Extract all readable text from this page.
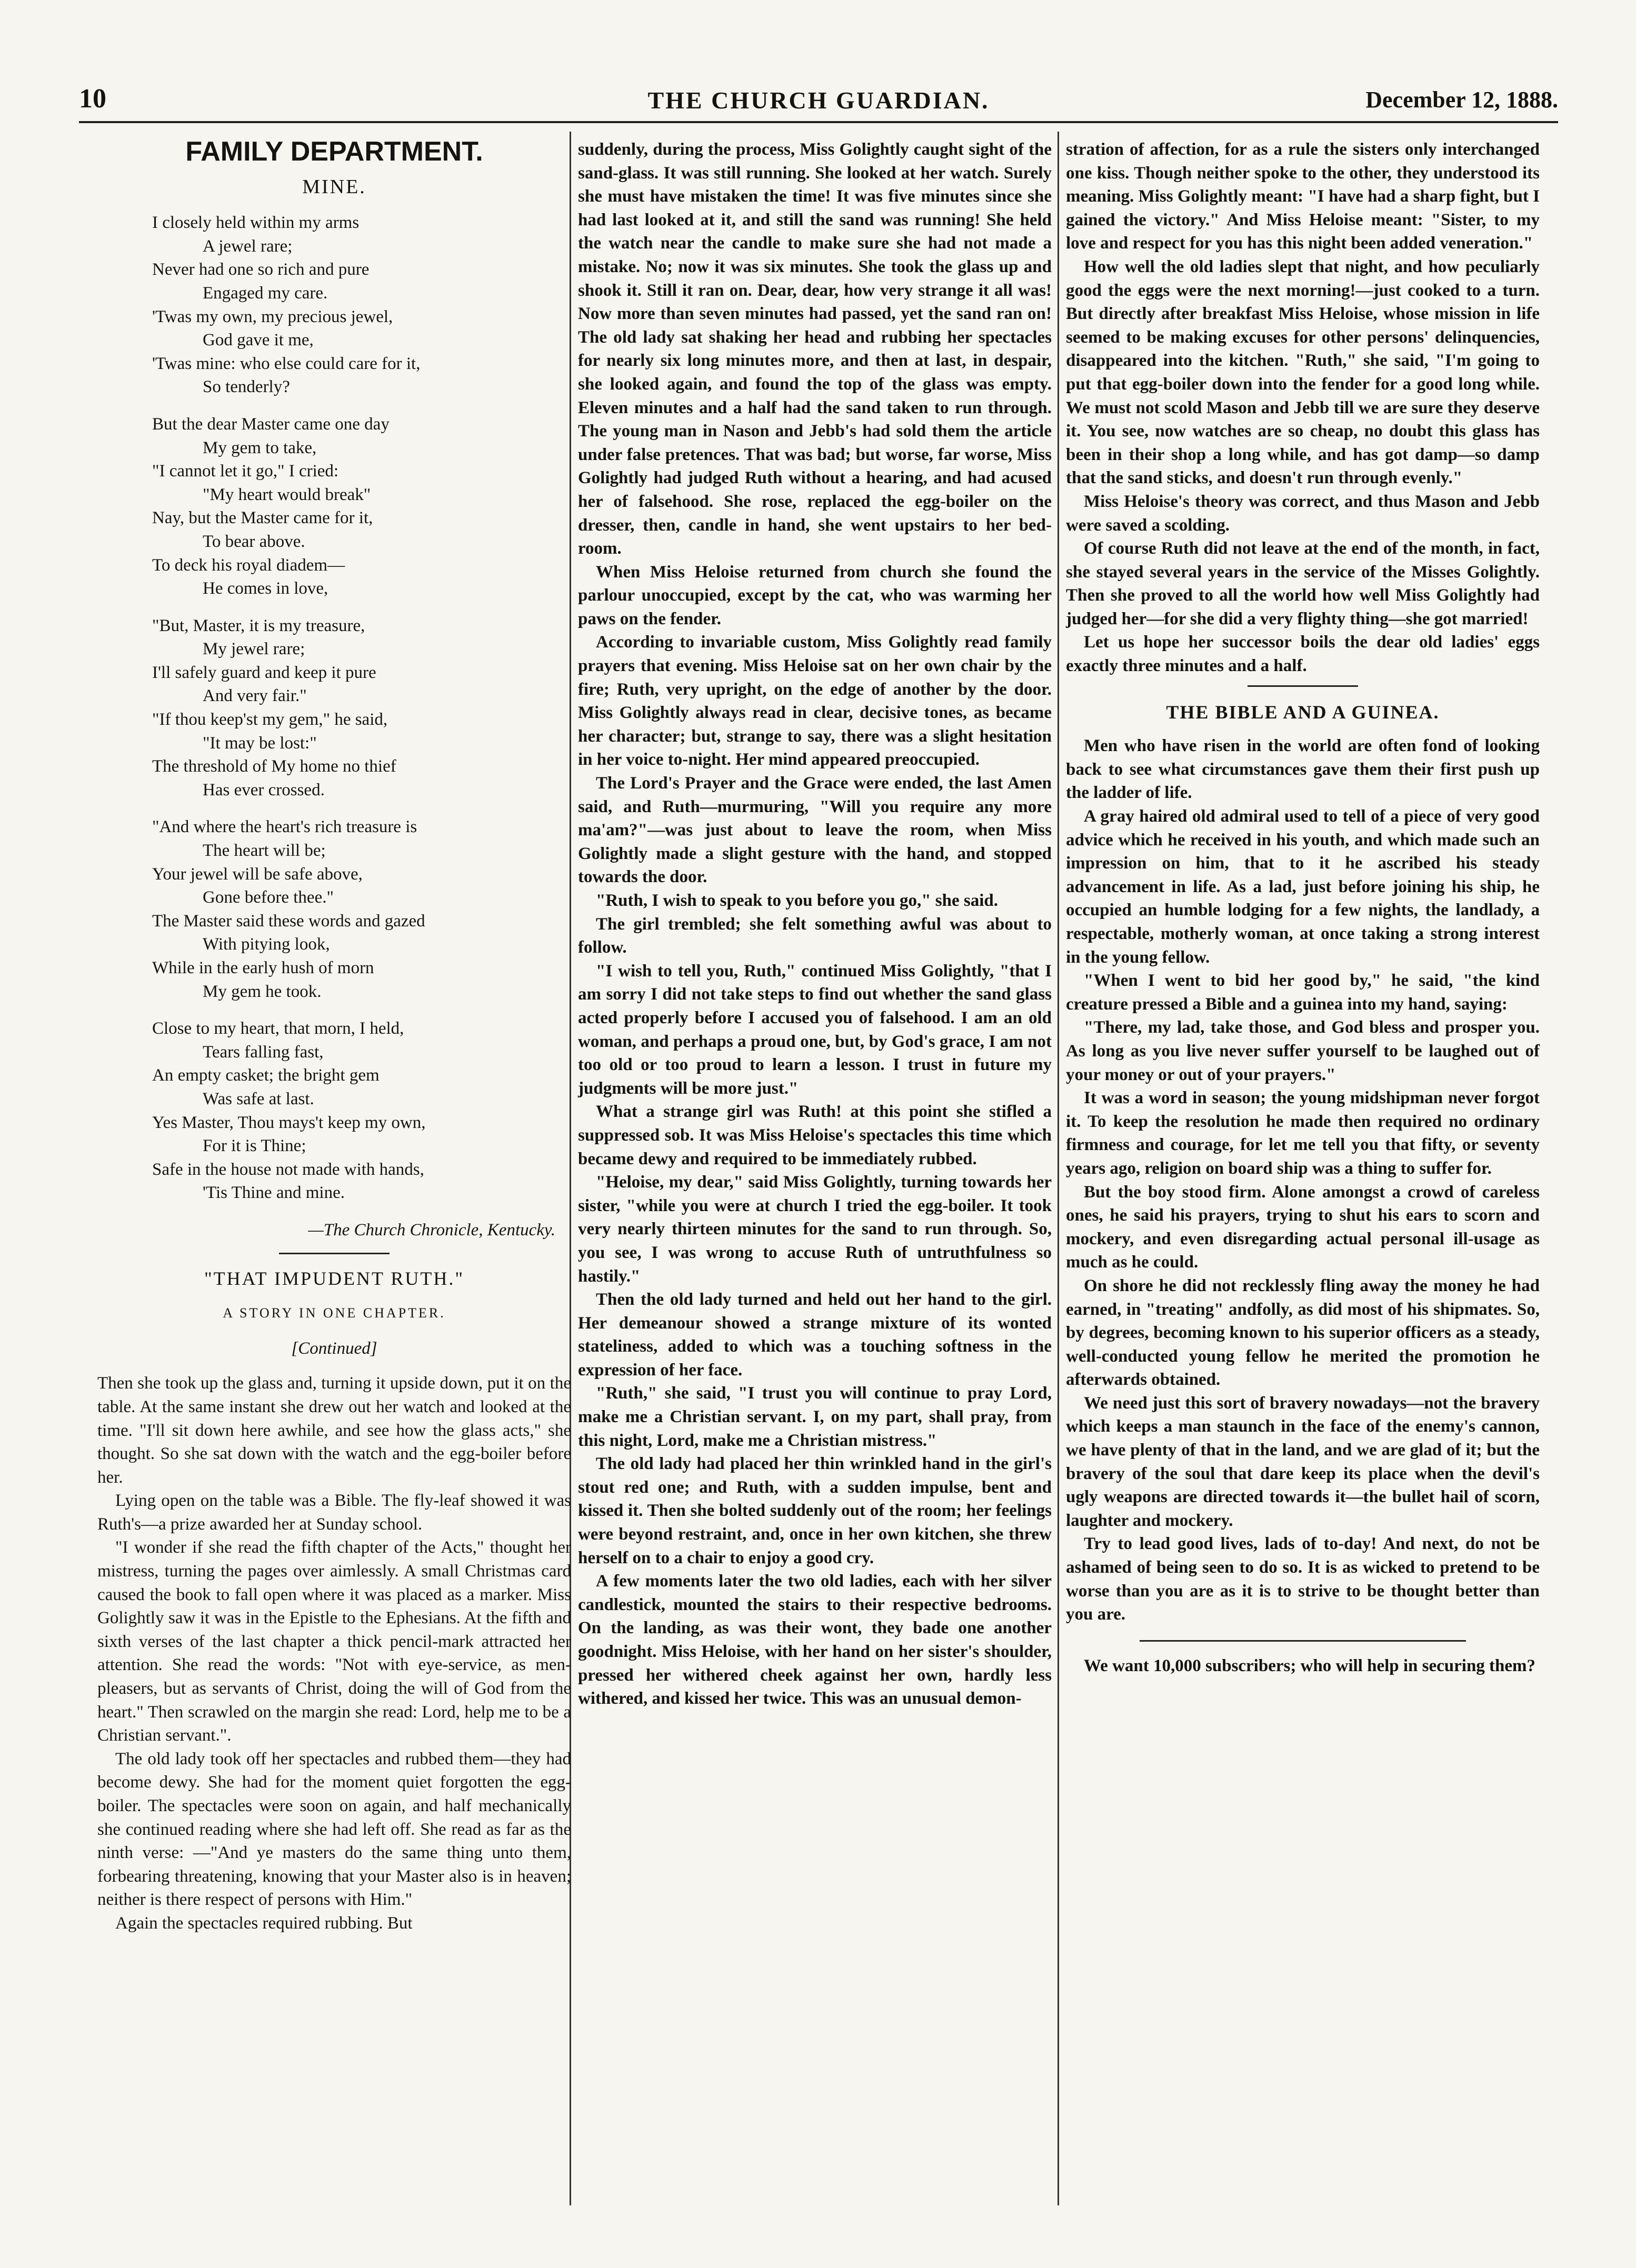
10	THE CHURCH GUARDIAN.	December 12, 1888.
FAMILY DEPARTMENT.
MINE.
I closely held within my arms
A jewel rare;
Never had one so rich and pure
Engaged my care.
'Twas my own, my precious jewel,
God gave it me,
'Twas mine: who else could care for it,
So tenderly?
But the dear Master came one day
My gem to take,
"I cannot let it go," I cried:
"My heart would break"
Nay, but the Master came for it,
To bear above.
To deck his royal diadem—
He comes in love,
"But, Master, it is my treasure,
My jewel rare;
I'll safely guard and keep it pure
And very fair."
"If thou keep'st my gem," he said,
"It may be lost:"
The threshold of My home no thief
Has ever crossed.
"And where the heart's rich treasure is
The heart will be;
Your jewel will be safe above,
Gone before thee."
The Master said these words and gazed
With pitying look,
While in the early hush of morn
My gem he took.
Close to my heart, that morn, I held,
Tears falling fast,
An empty casket; the bright gem
Was safe at last.
Yes Master, Thou mays't keep my own,
For it is Thine;
Safe in the house not made with hands,
'Tis Thine and mine.
—The Church Chronicle, Kentucky.
"THAT IMPUDENT RUTH."
A STORY IN ONE CHAPTER.
[Continued]

Then she took up the glass and, turning it upside down, put it on the table. At the same instant she drew out her watch and looked at the time. "I'll sit down here awhile, and see how the glass acts," she thought. So she sat down with the watch and the egg-boiler before her.

Lying open on the table was a Bible. The fly-leaf showed it was Ruth's—a prize awarded her at Sunday school.

"I wonder if she read the fifth chapter of the Acts," thought her mistress, turning the pages over aimlessly. A small Christmas card caused the book to fall open where it was placed as a marker. Miss Golightly saw it was in the Epistle to the Ephesians. At the fifth and sixth verses of the last chapter a thick pencil-mark attracted her attention. She read the words: "Not with eye-service, as men-pleasers, but as servants of Christ, doing the will of God from the heart." Then scrawled on the margin she read: Lord, help me to be a Christian servant.".

The old lady took off her spectacles and rubbed them—they had become dewy. She had for the moment quiet forgotten the egg-boiler. The spectacles were soon on again, and half mechanically she continued reading where she had left off. She read as far as the ninth verse: —"And ye masters do the same thing unto them, forbearing threatening, knowing that your Master also is in heaven; neither is there respect of persons with Him."

Again the spectacles required rubbing. But

suddenly, during the process, Miss Golightly caught sight of the sand-glass. It was still running. She looked at her watch. Surely she must have mistaken the time! It was five minutes since she had last looked at it, and still the sand was running! She held the watch near the candle to make sure she had not made a mistake. No; now it was six minutes. She took the glass up and shook it. Still it ran on. Dear, dear, how very strange it all was! Now more than seven minutes had passed, yet the sand ran on! The old lady sat shaking her head and rubbing her spectacles for nearly six long minutes more, and then at last, in despair, she looked again, and found the top of the glass was empty. Eleven minutes and a half had the sand taken to run through. The young man in Nason and Jebb's had sold them the article under false pretences. That was bad; but worse, far worse, Miss Golightly had judged Ruth without a hearing, and had acused her of falsehood. She rose, replaced the egg-boiler on the dresser, then, candle in hand, she went upstairs to her bed-room.

When Miss Heloise returned from church she found the parlour unoccupied, except by the cat, who was warming her paws on the fender.

According to invariable custom, Miss Golightly read family prayers that evening. Miss Heloise sat on her own chair by the fire; Ruth, very upright, on the edge of another by the door. Miss Golightly always read in clear, decisive tones, as became her character; but, strange to say, there was a slight hesitation in her voice to-night. Her mind appeared preoccupied.

The Lord's Prayer and the Grace were ended, the last Amen said, and Ruth—murmuring, "Will you require any more ma'am?"—was just about to leave the room, when Miss Golightly made a slight gesture with the hand, and stopped towards the door.

"Ruth, I wish to speak to you before you go," she said.

The girl trembled; she felt something awful was about to follow.

"I wish to tell you, Ruth," continued Miss Golightly, "that I am sorry I did not take steps to find out whether the sand glass acted properly before I accused you of falsehood. I am an old woman, and perhaps a proud one, but, by God's grace, I am not too old or too proud to learn a lesson. I trust in future my judgments will be more just."

What a strange girl was Ruth! at this point she stifled a suppressed sob. It was Miss Heloise's spectacles this time which became dewy and required to be immediately rubbed.

"Heloise, my dear," said Miss Golightly, turning towards her sister, "while you were at church I tried the egg-boiler. It took very nearly thirteen minutes for the sand to run through. So, you see, I was wrong to accuse Ruth of untruthfulness so hastily."

Then the old lady turned and held out her hand to the girl. Her demeanour showed a strange mixture of its wonted stateliness, added to which was a touching softness in the expression of her face.

"Ruth," she said, "I trust you will continue to pray Lord, make me a Christian servant. I, on my part, shall pray, from this night, Lord, make me a Christian mistress."

The old lady had placed her thin wrinkled hand in the girl's stout red one; and Ruth, with a sudden impulse, bent and kissed it. Then she bolted suddenly out of the room; her feelings were beyond restraint, and, once in her own kitchen, she threw herself on to a chair to enjoy a good cry.

A few moments later the two old ladies, each with her silver candlestick, mounted the stairs to their respective bedrooms. On the landing, as was their wont, they bade one another goodnight. Miss Heloise, with her hand on her sister's shoulder, pressed her withered cheek against her own, hardly less withered, and kissed her twice. This was an unusual demon-

stration of affection, for as a rule the sisters only interchanged one kiss. Though neither spoke to the other, they understood its meaning. Miss Golightly meant: "I have had a sharp fight, but I gained the victory." And Miss Heloise meant: "Sister, to my love and respect for you has this night been added veneration."

How well the old ladies slept that night, and how peculiarly good the eggs were the next morning!—just cooked to a turn. But directly after breakfast Miss Heloise, whose mission in life seemed to be making excuses for other persons' delinquencies, disappeared into the kitchen. "Ruth," she said, "I'm going to put that egg-boiler down into the fender for a good long while. We must not scold Mason and Jebb till we are sure they deserve it. You see, now watches are so cheap, no doubt this glass has been in their shop a long while, and has got damp—so damp that the sand sticks, and doesn't run through evenly."

Miss Heloise's theory was correct, and thus Mason and Jebb were saved a scolding.

Of course Ruth did not leave at the end of the month, in fact, she stayed several years in the service of the Misses Golightly. Then she proved to all the world how well Miss Golightly had judged her—for she did a very flighty thing—she got married!

Let us hope her successor boils the dear old ladies' eggs exactly three minutes and a half.

THE BIBLE AND A GUINEA.

Men who have risen in the world are often fond of looking back to see what circumstances gave them their first push up the ladder of life.

A gray haired old admiral used to tell of a piece of very good advice which he received in his youth, and which made such an impression on him, that to it he ascribed his steady advancement in life. As a lad, just before joining his ship, he occupied an humble lodging for a few nights, the landlady, a respectable, motherly woman, at once taking a strong interest in the young fellow.

"When I went to bid her good by," he said, "the kind creature pressed a Bible and a guinea into my hand, saying:

"There, my lad, take those, and God bless and prosper you. As long as you live never suffer yourself to be laughed out of your money or out of your prayers."

It was a word in season; the young midshipman never forgot it. To keep the resolution he made then required no ordinary firmness and courage, for let me tell you that fifty, or seventy years ago, religion on board ship was a thing to suffer for.

But the boy stood firm. Alone amongst a crowd of careless ones, he said his prayers, trying to shut his ears to scorn and mockery, and even disregarding actual personal ill-usage as much as he could.

On shore he did not recklessly fling away the money he had earned, in "treating" andfolly, as did most of his shipmates. So, by degrees, becoming known to his superior officers as a steady, well-conducted young fellow he merited the promotion he afterwards obtained.

We need just this sort of bravery nowadays—not the bravery which keeps a man staunch in the face of the enemy's cannon, we have plenty of that in the land, and we are glad of it; but the bravery of the soul that dare keep its place when the devil's ugly weapons are directed towards it—the bullet hail of scorn, laughter and mockery.

Try to lead good lives, lads of to-day! And next, do not be ashamed of being seen to do so. It is as wicked to pretend to be worse than you are as it is to strive to be thought better than you are.

We want 10,000 subscribers; who will help in securing them?
